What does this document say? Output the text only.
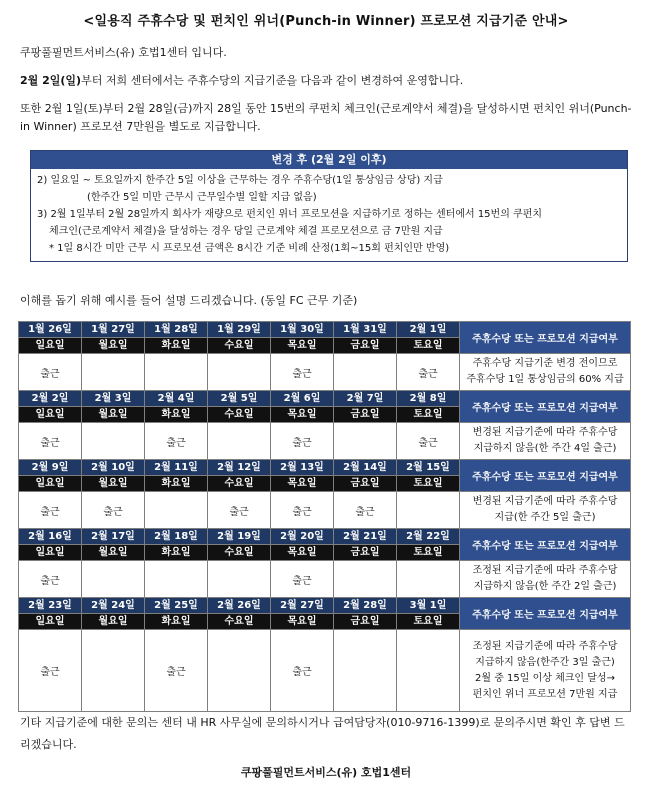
<일용직 주휴수당 및 펀치인 위너(Punch-in Winner) 프로모션 지급기준 안내>
쿠팡풀필먼트서비스(유) 호법1센터 입니다.
2월 2일(일)부터 저희 센터에서는 주휴수당의 지급기준을 다음과 같이 변경하여 운영합니다.
또한 2월 1일(토)부터 2월 28일(금)까지 28일 동안 15번의 쿠펀치 체크인(근로계약서 체결)을 달성하시면 펀치인 위너(Punch-in Winner) 프로모션 7만원을 별도로 지급합니다.
변경 후 (2월 2일 이후)
2) 일요일 ~ 토요일까지 한주간 5일 이상을 근무하는 경우 주휴수당(1일 통상임금 상당) 지급
(한주간 5일 미만 근무시 근무일수별 일할 지급 없음)
3) 2월 1일부터 2월 28일까지 회사가 재량으로 펀치인 위너 프로모션을 지급하기로 정하는 센터에서 15번의 쿠펀치
체크인(근로계약서 체결)을 달성하는 경우 당일 근로계약 체결 프로모션으로 금 7만원 지급
* 1일 8시간 미만 근무 시 프로모션 금액은 8시간 기준 비례 산정(1회~15회 펀치인만 반영)
이해를 돕기 위해 예시를 들어 설명 드리겠습니다. (동일 FC 근무 기준)
1월 26일	1월 27일	1월 28일	1월 29일	1월 30일	1월 31일	2월 1일	주휴수당 또는 프로모션 지급여부
일요일	월요일	화요일	수요일	목요일	금요일	토요일	
출근				출근		출근	주휴수당 지급기준 변경 전이므로
주휴수당 1일 통상임금의 60% 지급

2월 2일	2월 3일	2월 4일	2월 5일	2월 6일	2월 7일	2월 8일	주휴수당 또는 프로모션 지급여부
일요일	월요일	화요일	수요일	목요일	금요일	토요일	
출근		출근		출근		출근	변경된 지급기준에 따라 주휴수당
지급하지 않음(한 주간 4일 출근)

2월 9일	2월 10일	2월 11일	2월 12일	2월 13일	2월 14일	2월 15일	주휴수당 또는 프로모션 지급여부
일요일	월요일	화요일	수요일	목요일	금요일	토요일	
출근	출근		출근	출근	출근		변경된 지급기준에 따라 주휴수당
지급(한 주간 5일 출근)

2월 16일	2월 17일	2월 18일	2월 19일	2월 20일	2월 21일	2월 22일	주휴수당 또는 프로모션 지급여부
일요일	월요일	화요일	수요일	목요일	금요일	토요일	
출근				출근			조정된 지급기준에 따라 주휴수당
지급하지 않음(한 주간 2일 출근)

2월 23일	2월 24일	2월 25일	2월 26일	2월 27일	2월 28일	3월 1일	주휴수당 또는 프로모션 지급여부
일요일	월요일	화요일	수요일	목요일	금요일	토요일	
출근		출근		출근			조정된 지급기준에 따라 주휴수당
지급하지 않음(한주간 3일 출근)
2월 중 15일 이상 체크인 달성→
펀치인 위너 프로모션 7만원 지급
기타 지급기준에 대한 문의는 센터 내 HR 사무실에 문의하시거나 급여담당자(010-9716-1399)로 문의주시면 확인 후 답변 드리겠습니다.
쿠팡풀필먼트서비스(유) 호법1센터
